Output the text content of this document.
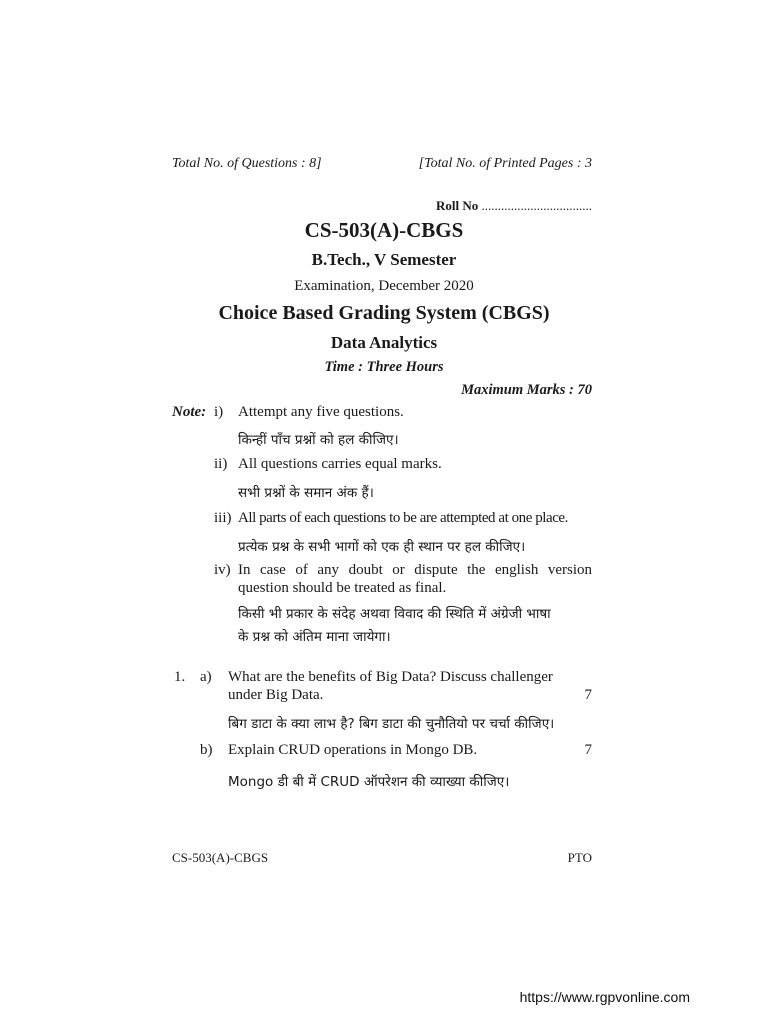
Total No. of Questions : 8]	[Total No. of Printed Pages : 3
Roll No ..................................
CS-503(A)-CBGS
B.Tech., V Semester
Examination, December 2020
Choice Based Grading System (CBGS)
Data Analytics
Time : Three Hours
Maximum Marks : 70
Note: i) Attempt any five questions.
किन्हीं पाँच प्रश्नों को हल कीजिए।
ii) All questions carries equal marks.
सभी प्रश्नों के समान अंक हैं।
iii) All parts of each questions to be are attempted at one place.
प्रत्येक प्रश्न के सभी भागों को एक ही स्थान पर हल कीजिए।
iv) In case of any doubt or dispute the english version
question should be treated as final.
किसी भी प्रकार के संदेह अथवा विवाद की स्थिति में अंग्रेजी भाषा
के प्रश्न को अंतिम माना जायेगा।
1. a) What are the benefits of Big Data? Discuss challenger
under Big Data.	7
बिग डाटा के क्या लाभ है? बिग डाटा की चुनौतियो पर चर्चा कीजिए।
b) Explain CRUD operations in Mongo DB.	7
Mongo डी बी में CRUD ऑपरेशन की व्याख्या कीजिए।
CS-503(A)-CBGS	PTO
https://www.rgpvonline.com
